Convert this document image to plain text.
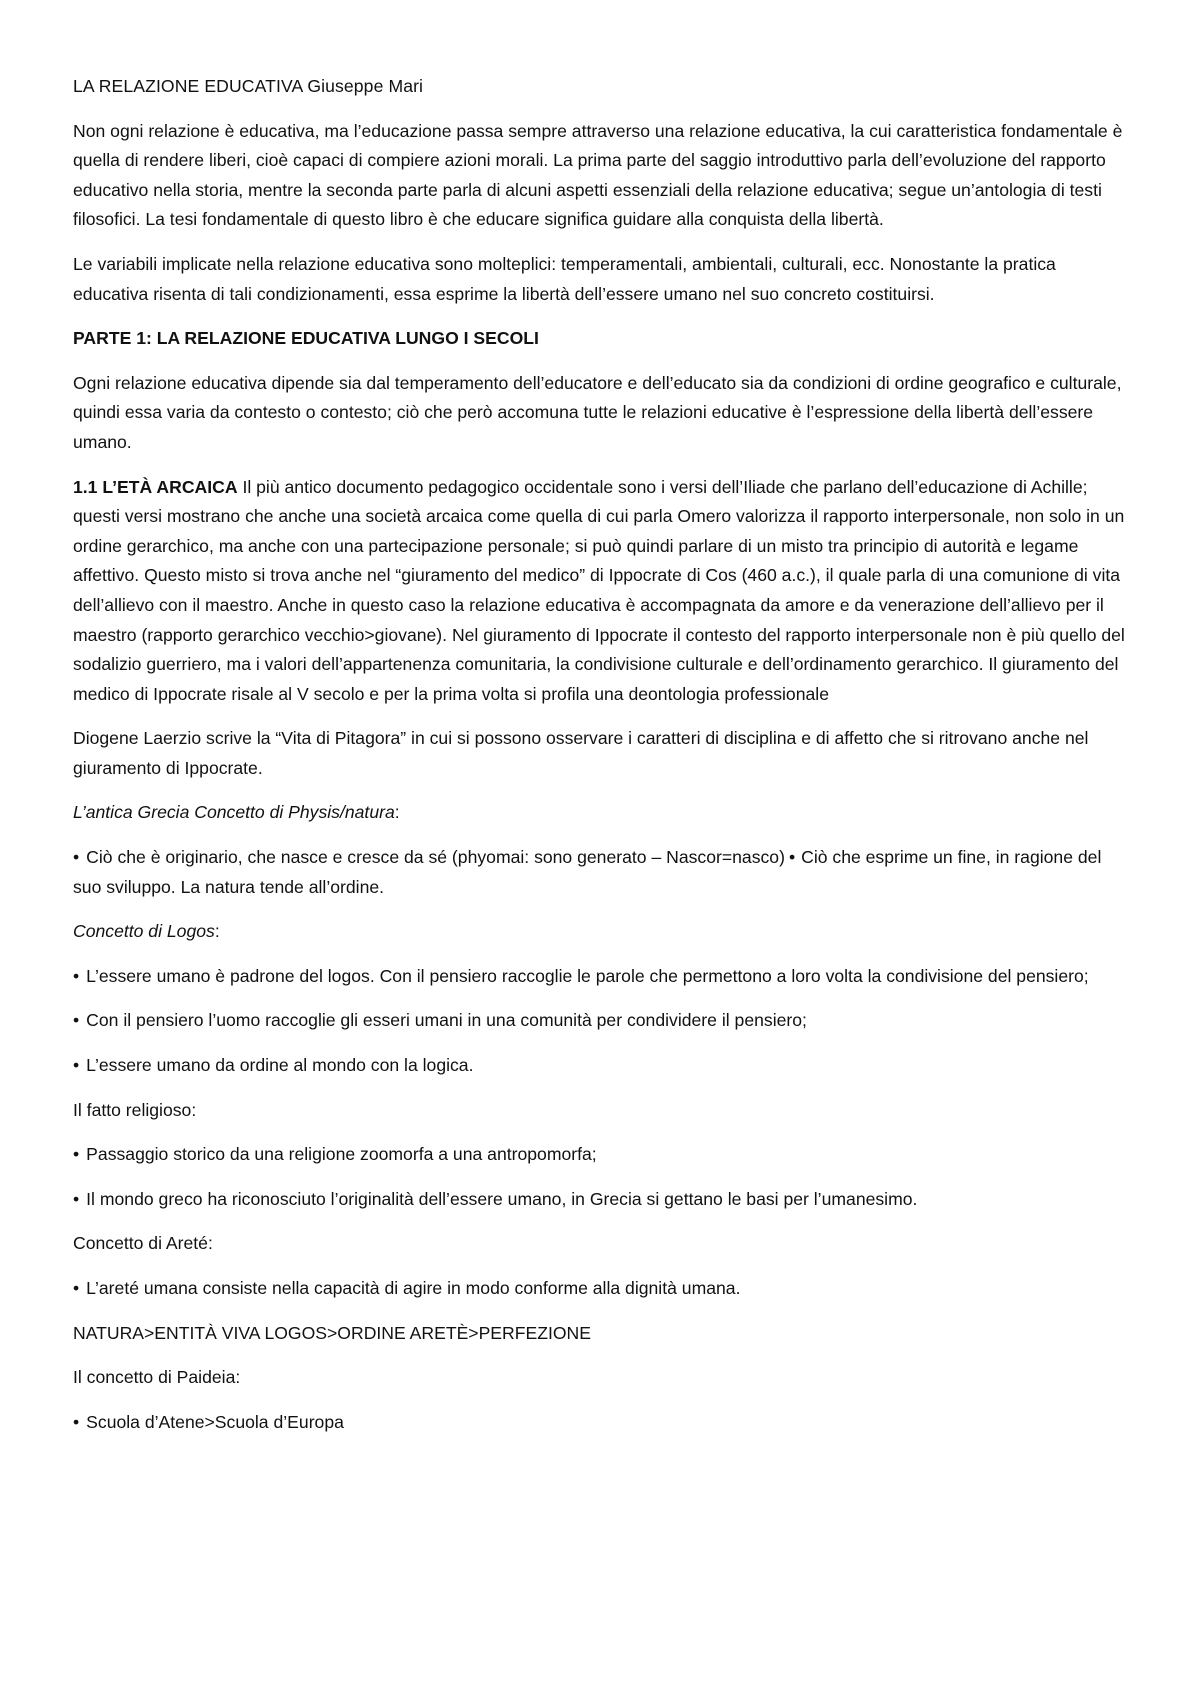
LA RELAZIONE EDUCATIVA Giuseppe Mari

Non ogni relazione è educativa, ma l’educazione passa sempre attraverso una relazione educativa, la cui caratteristica fondamentale è quella di rendere liberi, cioè capaci di compiere azioni morali. La prima parte del saggio introduttivo parla dell’evoluzione del rapporto educativo nella storia, mentre la seconda parte parla di alcuni aspetti essenziali della relazione educativa; segue un’antologia di testi filosofici. La tesi fondamentale di questo libro è che educare significa guidare alla conquista della libertà.

Le variabili implicate nella relazione educativa sono molteplici: temperamentali, ambientali, culturali, ecc. Nonostante la pratica educativa risenta di tali condizionamenti, essa esprime la libertà dell’essere umano nel suo concreto costituirsi.

PARTE 1: LA RELAZIONE EDUCATIVA LUNGO I SECOLI

Ogni relazione educativa dipende sia dal temperamento dell’educatore e dell’educato sia da condizioni di ordine geografico e culturale, quindi essa varia da contesto o contesto; ciò che però accomuna tutte le relazioni educative è l’espressione della libertà dell’essere umano.

1.1 L’ETÀ ARCAICA Il più antico documento pedagogico occidentale sono i versi dell’Iliade che parlano dell’educazione di Achille; questi versi mostrano che anche una società arcaica come quella di cui parla Omero valorizza il rapporto interpersonale, non solo in un ordine gerarchico, ma anche con una partecipazione personale; si può quindi parlare di un misto tra principio di autorità e legame affettivo. Questo misto si trova anche nel “giuramento del medico” di Ippocrate di Cos (460 a.c.), il quale parla di una comunione di vita dell’allievo con il maestro. Anche in questo caso la relazione educativa è accompagnata da amore e da venerazione dell’allievo per il maestro (rapporto gerarchico vecchio>giovane). Nel giuramento di Ippocrate il contesto del rapporto interpersonale non è più quello del sodalizio guerriero, ma i valori dell’appartenenza comunitaria, la condivisione culturale e dell’ordinamento gerarchico. Il giuramento del medico di Ippocrate risale al V secolo e per la prima volta si profila una deontologia professionale

Diogene Laerzio scrive la “Vita di Pitagora” in cui si possono osservare i caratteri di disciplina e di affetto che si ritrovano anche nel giuramento di Ippocrate.

L’antica Grecia Concetto di Physis/natura:

• Ciò che è originario, che nasce e cresce da sé (phyomai: sono generato – Nascor=nasco)• Ciò che esprime un fine, in ragione del suo sviluppo. La natura tende all’ordine.

Concetto di Logos:

• L’essere umano è padrone del logos. Con il pensiero raccoglie le parole che permettono a loro volta la condivisione del pensiero;

• Con il pensiero l’uomo raccoglie gli esseri umani in una comunità per condividere il pensiero;

• L’essere umano da ordine al mondo con la logica.

Il fatto religioso:

• Passaggio storico da una religione zoomorfa a una antropomorfa;

• Il mondo greco ha riconosciuto l’originalità dell’essere umano, in Grecia si gettano le basi per l’umanesimo.

Concetto di Areté:

• L’areté umana consiste nella capacità di agire in modo conforme alla dignità umana.

NATURA>ENTITÀ VIVA LOGOS>ORDINE ARETÈ>PERFEZIONE

Il concetto di Paideia:

• Scuola d’Atene>Scuola d’Europa
